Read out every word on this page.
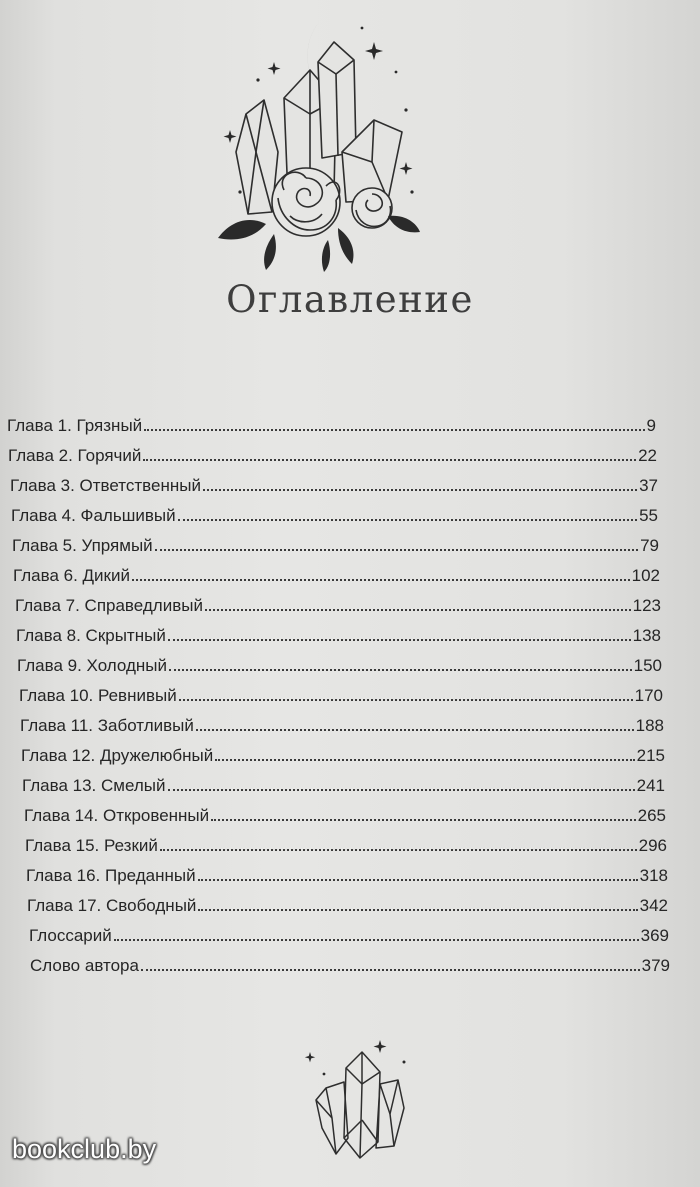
Оглавление
Глава 1. Грязный	9
Глава 2. Горячий	22
Глава 3. Ответственный	37
Глава 4. Фальшивый	55
Глава 5. Упрямый	79
Глава 6. Дикий	102
Глава 7. Справедливый	123
Глава 8. Скрытный	138
Глава 9. Холодный	150
Глава 10. Ревнивый	170
Глава 11. Заботливый	188
Глава 12. Дружелюбный	215
Глава 13. Смелый	241
Глава 14. Откровенный	265
Глава 15. Резкий	296
Глава 16. Преданный	318
Глава 17. Свободный	342
Глоссарий	369
Слово автора	379
bookclub.by
